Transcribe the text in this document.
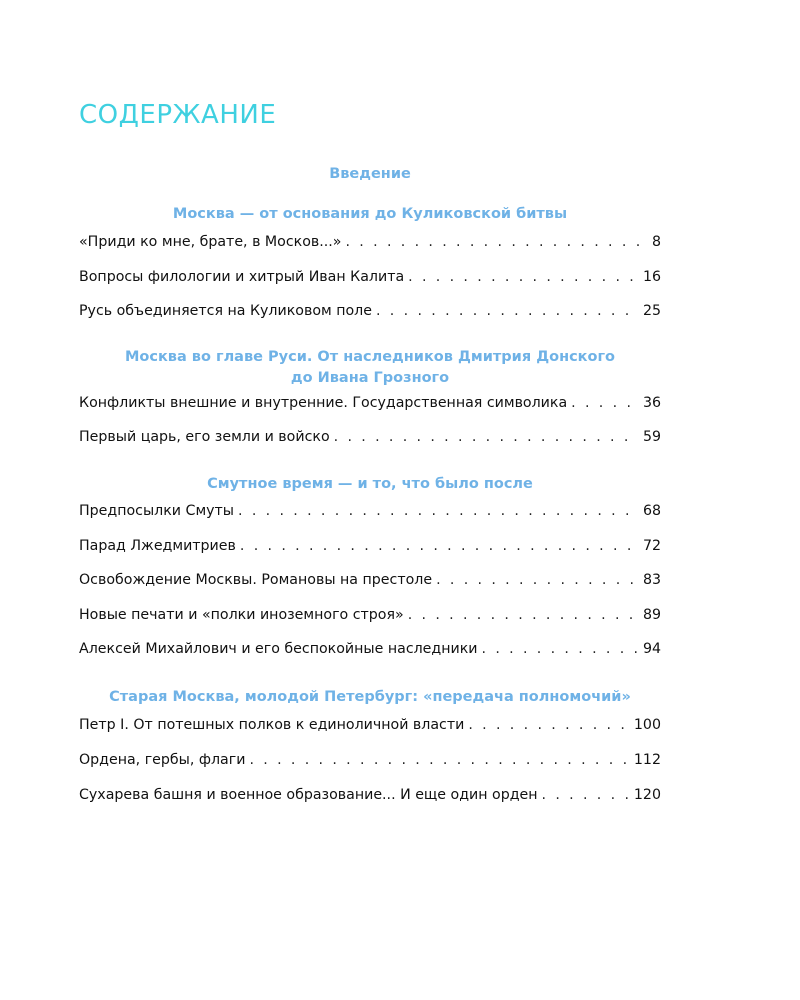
СОДЕРЖАНИЕ
Введение
Москва — от основания до Куликовской битвы
«Приди ко мне, брате, в Москов...» . . .	8
Вопросы филологии и хитрый Иван Калита . . .	16
Русь объединяется на Куликовом поле . . .	25
Москва во главе Руси. От наследников Дмитрия Донского
до Ивана Грозного
Конфликты внешние и внутренние. Государственная символика . . .	36
Первый царь, его земли и войско . . .	59
Смутное время — и то, что было после
Предпосылки Смуты . . .	68
Парад Лжедмитриев . . .	72
Освобождение Москвы. Романовы на престоле . . .	83
Новые печати и «полки иноземного строя» . . .	89
Алексей Михайлович и его беспокойные наследники . . .	94
Старая Москва, молодой Петербург: «передача полномочий»
Петр I. От потешных полков к единоличной власти . . .	100
Ордена, гербы, флаги . . .	112
Сухарева башня и военное образование... И еще один орден . . .	120
